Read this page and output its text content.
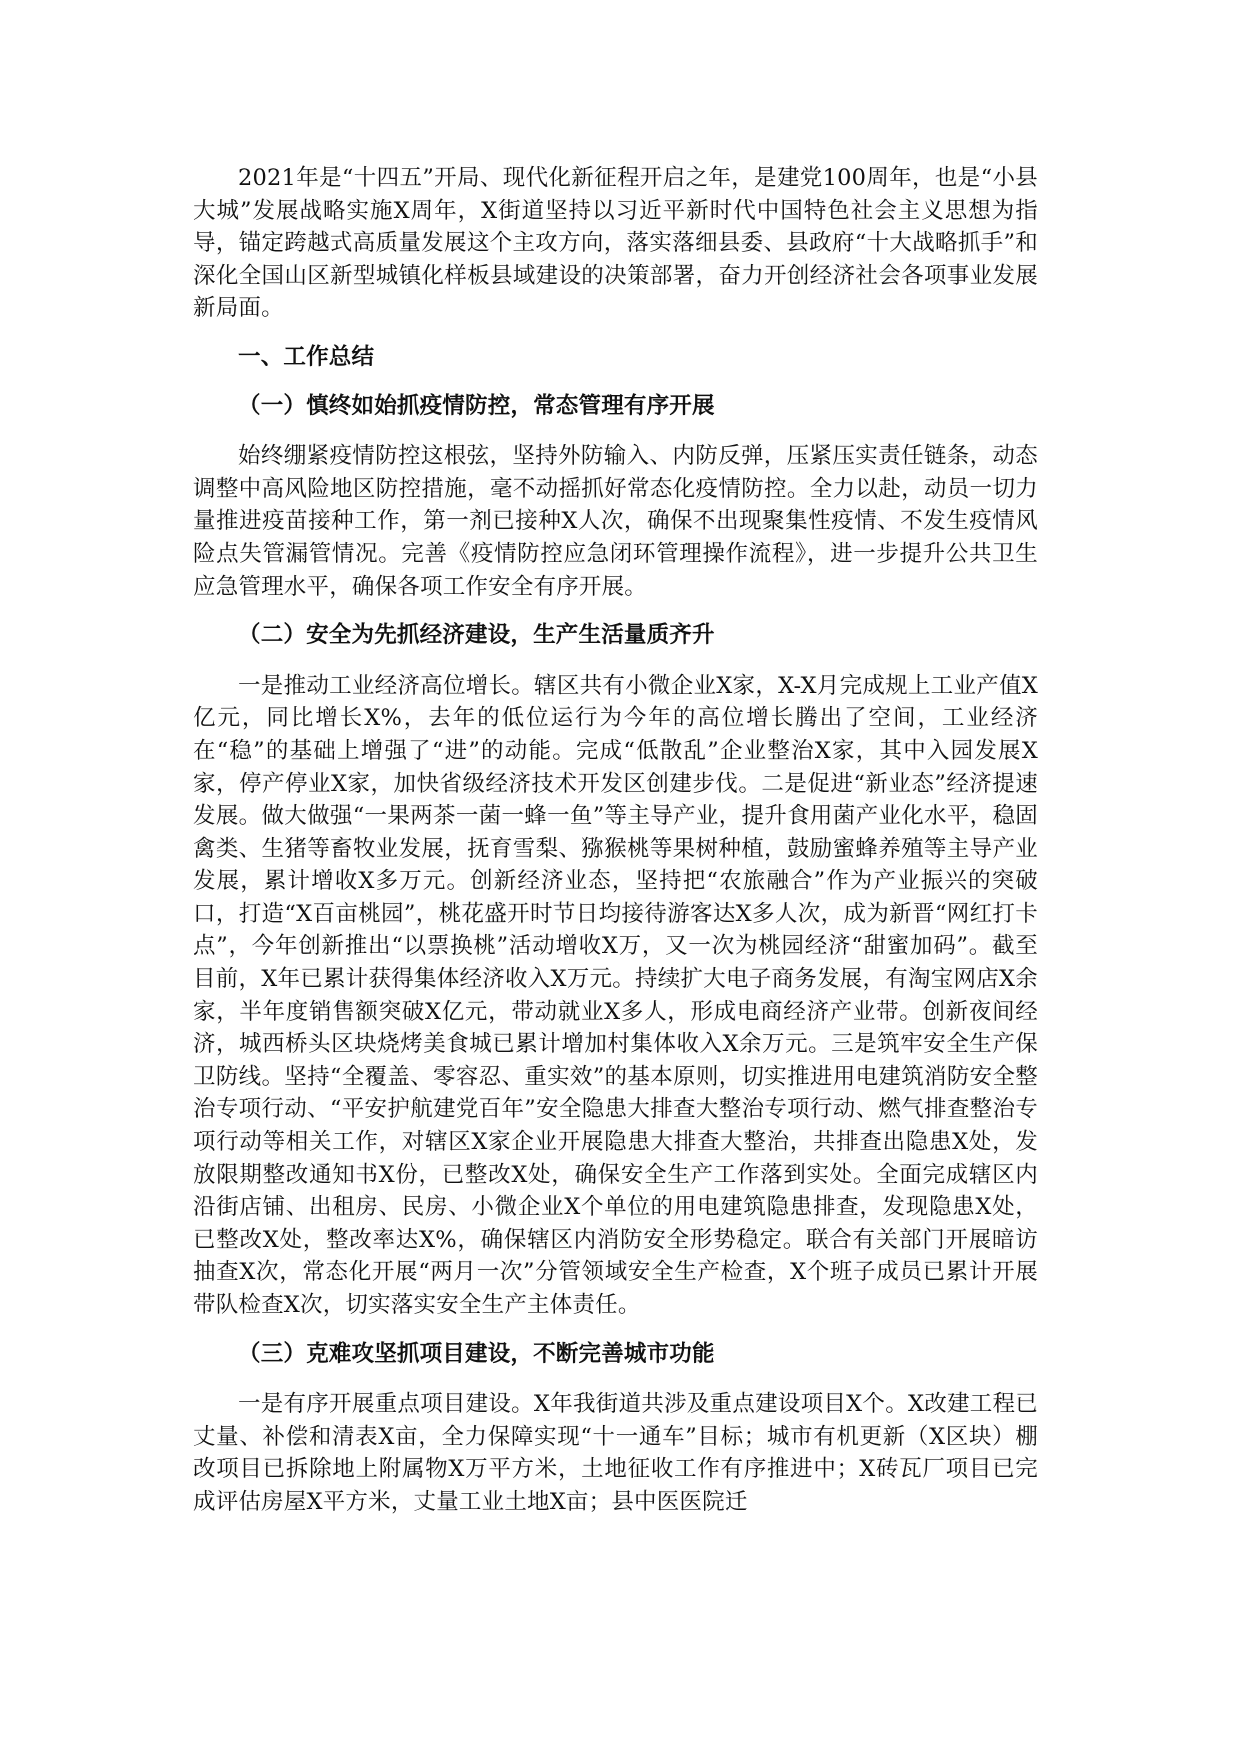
2021年是“十四五”开局、现代化新征程开启之年，是建党100周年，也是“小县大城”发展战略实施X周年，X街道坚持以习近平新时代中国特色社会主义思想为指导，锚定跨越式高质量发展这个主攻方向，落实落细县委、县政府“十大战略抓手”和深化全国山区新型城镇化样板县域建设的决策部署，奋力开创经济社会各项事业发展新局面。

一、工作总结

（一）慎终如始抓疫情防控，常态管理有序开展

始终绷紧疫情防控这根弦，坚持外防输入、内防反弹，压紧压实责任链条，动态调整中高风险地区防控措施，毫不动摇抓好常态化疫情防控。全力以赴，动员一切力量推进疫苗接种工作，第一剂已接种X人次，确保不出现聚集性疫情、不发生疫情风险点失管漏管情况。完善《疫情防控应急闭环管理操作流程》，进一步提升公共卫生应急管理水平，确保各项工作安全有序开展。

（二）安全为先抓经济建设，生产生活量质齐升

一是推动工业经济高位增长。辖区共有小微企业X家，X-X月完成规上工业产值X亿元，同比增长X%，去年的低位运行为今年的高位增长腾出了空间，工业经济在“稳”的基础上增强了“进”的动能。完成“低散乱”企业整治X家，其中入园发展X家，停产停业X家，加快省级经济技术开发区创建步伐。二是促进“新业态”经济提速发展。做大做强“一果两茶一菌一蜂一鱼”等主导产业，提升食用菌产业化水平，稳固禽类、生猪等畜牧业发展，抚育雪梨、猕猴桃等果树种植，鼓励蜜蜂养殖等主导产业发展，累计增收X多万元。创新经济业态，坚持把“农旅融合”作为产业振兴的突破口，打造“X百亩桃园”，桃花盛开时节日均接待游客达X多人次，成为新晋“网红打卡点”，今年创新推出“以票换桃”活动增收X万，又一次为桃园经济“甜蜜加码”。截至目前，X年已累计获得集体经济收入X万元。持续扩大电子商务发展，有淘宝网店X余家，半年度销售额突破X亿元，带动就业X多人，形成电商经济产业带。创新夜间经济，城西桥头区块烧烤美食城已累计增加村集体收入X余万元。三是筑牢安全生产保卫防线。坚持“全覆盖、零容忍、重实效”的基本原则，切实推进用电建筑消防安全整治专项行动、“平安护航建党百年”安全隐患大排查大整治专项行动、燃气排查整治专项行动等相关工作，对辖区X家企业开展隐患大排查大整治，共排查出隐患X处，发放限期整改通知书X份，已整改X处，确保安全生产工作落到实处。全面完成辖区内沿街店铺、出租房、民房、小微企业X个单位的用电建筑隐患排查，发现隐患X处，已整改X处，整改率达X%，确保辖区内消防安全形势稳定。联合有关部门开展暗访抽查X次，常态化开展“两月一次”分管领域安全生产检查，X个班子成员已累计开展带队检查X次，切实落实安全生产主体责任。

（三）克难攻坚抓项目建设，不断完善城市功能

一是有序开展重点项目建设。X年我街道共涉及重点建设项目X个。X改建工程已丈量、补偿和清表X亩，全力保障实现“十一通车”目标；城市有机更新（X区块）棚改项目已拆除地上附属物X万平方米，土地征收工作有序推进中；X砖瓦厂项目已完成评估房屋X平方米，丈量工业土地X亩；县中医医院迁
